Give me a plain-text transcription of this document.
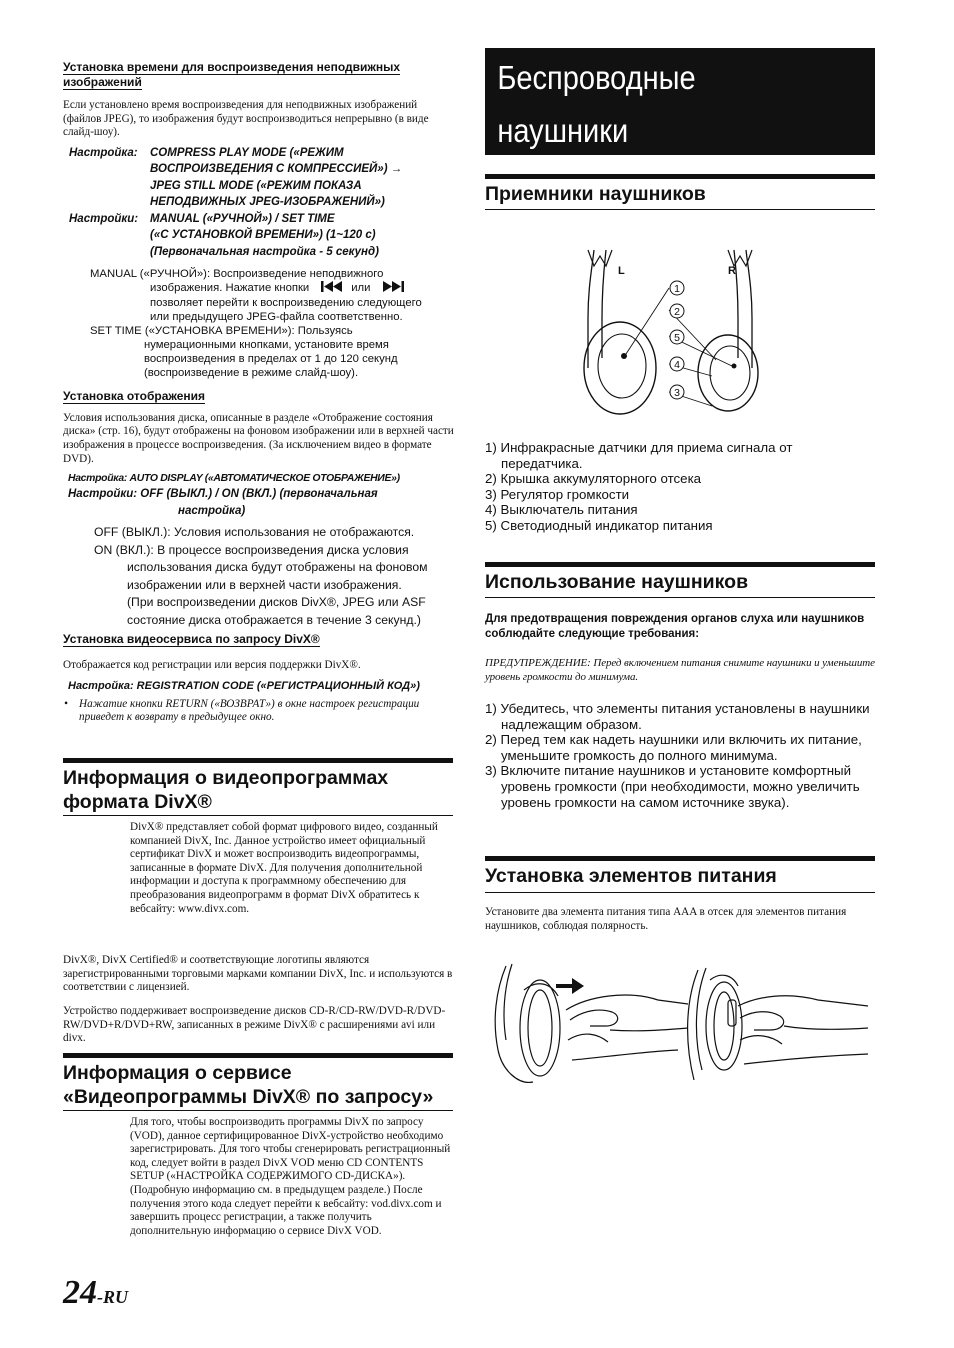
Установка времени для воспроизведения неподвижных изображений
Если установлено время воспроизведения для неподвижных изображений (файлов JPEG), то изображения будут воспроизводиться непрерывно (в виде слайд-шоу).
Настройка: COMPRESS PLAY MODE («РЕЖИМ
ВОСПРОИЗВЕДЕНИЯ С КОМПРЕССИЕЙ») →
JPEG STILL MODE («РЕЖИМ ПОКАЗА
НЕПОДВИЖНЫХ JPEG-ИЗОБРАЖЕНИЙ»)
Настройки: MANUAL («РУЧНОЙ») / SET TIME
(«С УСТАНОВКОЙ ВРЕМЕНИ») (1~120 с)
(Первоначальная настройка - 5 секунд)
MANUAL («РУЧНОЙ»): Воспроизведение неподвижного
изображения. Нажатие кнопки	или
позволяет перейти к воспроизведению следующего
или предыдущего JPEG-файла соответственно.
SET TIME («УСТАНОВКА ВРЕМЕНИ»): Пользуясь
нумерационными кнопками, установите время
воспроизведения в пределах от 1 до 120 секунд
(воспроизведение в режиме слайд-шоу).
Установка отображения
Условия использования диска, описанные в разделе «Отображение состояния диска» (стр. 16), будут отображены на фоновом изображении или в верхней части изображения в процессе воспроизведения. (За исключением видео в формате DVD).
Настройка: AUTO DISPLAY («АВТОМАТИЧЕСКОЕ ОТОБРАЖЕНИЕ»)
Настройки: OFF (ВЫКЛ.) / ON (ВКЛ.) (первоначальная
настройка)
OFF (ВЫКЛ.): Условия использования не отображаются.
ON (ВКЛ.): В процессе воспроизведения диска условия
использования диска будут отображены на фоновом
изображении или в верхней части изображения.
(При воспроизведении дисков DivX®, JPEG или ASF
состояние диска отображается в течение 3 секунд.)
Установка видеосервиса по запросу DivX®
Отображается код регистрации или версия поддержки DivX®.
Настройка: REGISTRATION CODE («РЕГИСТРАЦИОННЫЙ КОД»)
• Нажатие кнопки RETURN («ВОЗВРАТ») в окне настроек регистрации приведет к возврату в предыдущее окно.
Информация о видеопрограммах формата DivX®
DivX® представляет собой формат цифрового видео, созданный компанией DivX, Inc. Данное устройство имеет официальный сертификат DivX и может воспроизводить видеопрограммы, записанные в формате DivX. Для получения дополнительной информации и доступа к программному обеспечению для преобразования видеопрограмм в формат DivX обратитесь к вебсайту: www.divx.com.
DivX®, DivX Certified® и соответствующие логотипы являются зарегистрированными торговыми марками компании DivX, Inc. и используются в соответствии с лицензией.
Устройство поддерживает воспроизведение дисков CD-R/CD-RW/DVD-R/DVD-RW/DVD+R/DVD+RW, записанных в режиме DivX® с расширениями avi или divx.
Информация о сервисе «Видеопрограммы DivX® по запросу»
Для того, чтобы воспроизводить программы DivX по запросу (VOD), данное сертифицированное DivX-устройство необходимо зарегистрировать. Для того чтобы сгенерировать регистрационный код, следует войти в раздел DivX VOD меню CD CONTENTS SETUP («НАСТРОЙКА СОДЕРЖИМОГО CD-ДИСКА»). (Подробную информацию см. в предыдущем разделе.) После получения этого кода следует перейти к вебсайту: vod.divx.com и завершить процесс регистрации, а также получить дополнительную информацию о сервисе DivX VOD.
24-RU
Беспроводные
наушники
Приемники наушников
L	R
1
2
5
4
3
1) Инфракрасные датчики для приема сигнала от передатчика.
2) Крышка аккумуляторного отсека
3) Регулятор громкости
4) Выключатель питания
5) Светодиодный индикатор питания
Использование наушников
Для предотвращения повреждения органов слуха или наушников соблюдайте следующие требования:
ПРЕДУПРЕЖДЕНИЕ: Перед включением питания снимите наушники и уменьшите уровень громкости до минимума.
1) Убедитесь, что элементы питания установлены в наушники надлежащим образом.
2) Перед тем как надеть наушники или включить их питание, уменьшите громкость до полного минимума.
3) Включите питание наушников и установите комфортный уровень громкости (при необходимости, можно увеличить уровень громкости на самом источнике звука).
Установка элементов питания
Установите два элемента питания типа AAA в отсек для элементов питания наушников, соблюдая полярность.
